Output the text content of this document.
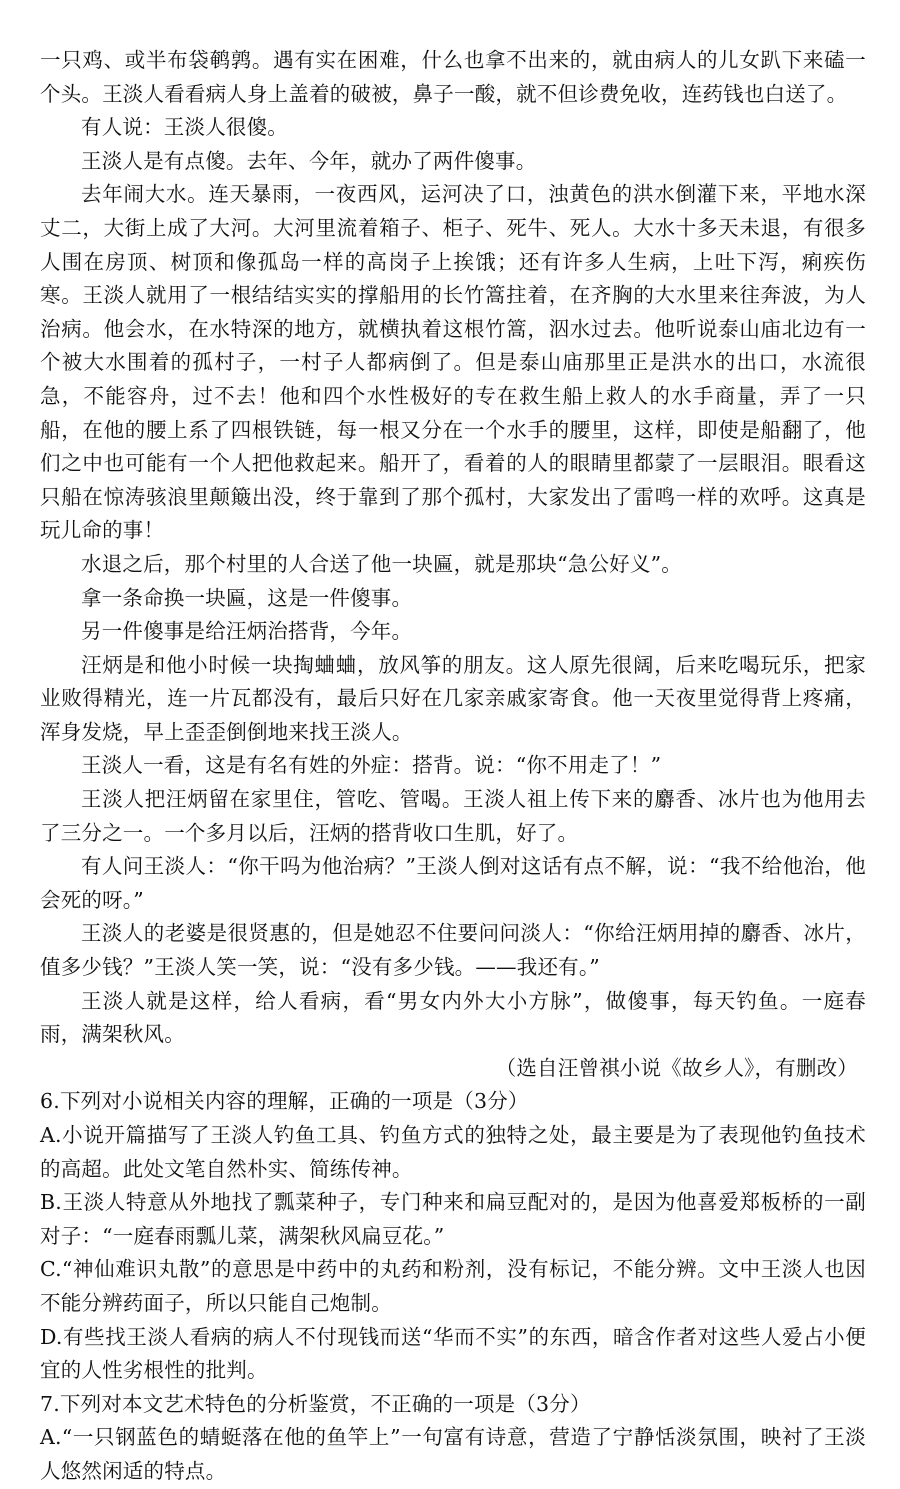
一只鸡、或半布袋鹌鹑。遇有实在困难，什么也拿不出来的，就由病人的儿女趴下来磕一个头。王淡人看看病人身上盖着的破被，鼻子一酸，就不但诊费免收，连药钱也白送了。

有人说：王淡人很傻。

王淡人是有点傻。去年、今年，就办了两件傻事。

去年闹大水。连天暴雨，一夜西风，运河决了口，浊黄色的洪水倒灌下来，平地水深丈二，大街上成了大河。大河里流着箱子、柜子、死牛、死人。大水十多天未退，有很多人围在房顶、树顶和像孤岛一样的高岗子上挨饿；还有许多人生病，上吐下泻，痢疾伤寒。王淡人就用了一根结结实实的撑船用的长竹篙拄着，在齐胸的大水里来往奔波，为人治病。他会水，在水特深的地方，就横执着这根竹篙，泅水过去。他听说泰山庙北边有一个被大水围着的孤村子，一村子人都病倒了。但是泰山庙那里正是洪水的出口，水流很急，不能容舟，过不去！他和四个水性极好的专在救生船上救人的水手商量，弄了一只船，在他的腰上系了四根铁链，每一根又分在一个水手的腰里，这样，即使是船翻了，他们之中也可能有一个人把他救起来。船开了，看着的人的眼睛里都蒙了一层眼泪。眼看这只船在惊涛骇浪里颠簸出没，终于靠到了那个孤村，大家发出了雷鸣一样的欢呼。这真是玩儿命的事！

水退之后，那个村里的人合送了他一块匾，就是那块“急公好义”。

拿一条命换一块匾，这是一件傻事。

另一件傻事是给汪炳治搭背，今年。

汪炳是和他小时候一块掏蛐蛐，放风筝的朋友。这人原先很阔，后来吃喝玩乐，把家业败得精光，连一片瓦都没有，最后只好在几家亲戚家寄食。他一天夜里觉得背上疼痛，浑身发烧，早上歪歪倒倒地来找王淡人。

王淡人一看，这是有名有姓的外症：搭背。说：“你不用走了！”

王淡人把汪炳留在家里住，管吃、管喝。王淡人祖上传下来的麝香、冰片也为他用去了三分之一。一个多月以后，汪炳的搭背收口生肌，好了。

有人问王淡人：“你干吗为他治病？”王淡人倒对这话有点不解，说：“我不给他治，他会死的呀。”

王淡人的老婆是很贤惠的，但是她忍不住要问问淡人：“你给汪炳用掉的麝香、冰片，值多少钱？”王淡人笑一笑，说：“没有多少钱。——我还有。”

王淡人就是这样，给人看病，看“男女内外大小方脉”，做傻事，每天钓鱼。一庭春雨，满架秋风。

（选自汪曾祺小说《故乡人》，有删改）

6.下列对小说相关内容的理解，正确的一项是（3分）

A.小说开篇描写了王淡人钓鱼工具、钓鱼方式的独特之处，最主要是为了表现他钓鱼技术的高超。此处文笔自然朴实、简练传神。

B.王淡人特意从外地找了瓢菜种子，专门种来和扁豆配对的，是因为他喜爱郑板桥的一副对子：“一庭春雨瓢儿菜，满架秋风扁豆花。”

C.“神仙难识丸散”的意思是中药中的丸药和粉剂，没有标记，不能分辨。文中王淡人也因不能分辨药面子，所以只能自己炮制。

D.有些找王淡人看病的病人不付现钱而送“华而不实”的东西，暗含作者对这些人爱占小便宜的人性劣根性的批判。

7.下列对本文艺术特色的分析鉴赏，不正确的一项是（3分）

A.“一只钢蓝色的蜻蜓落在他的鱼竿上”一句富有诗意，营造了宁静恬淡氛围，映衬了王淡人悠然闲适的特点。
